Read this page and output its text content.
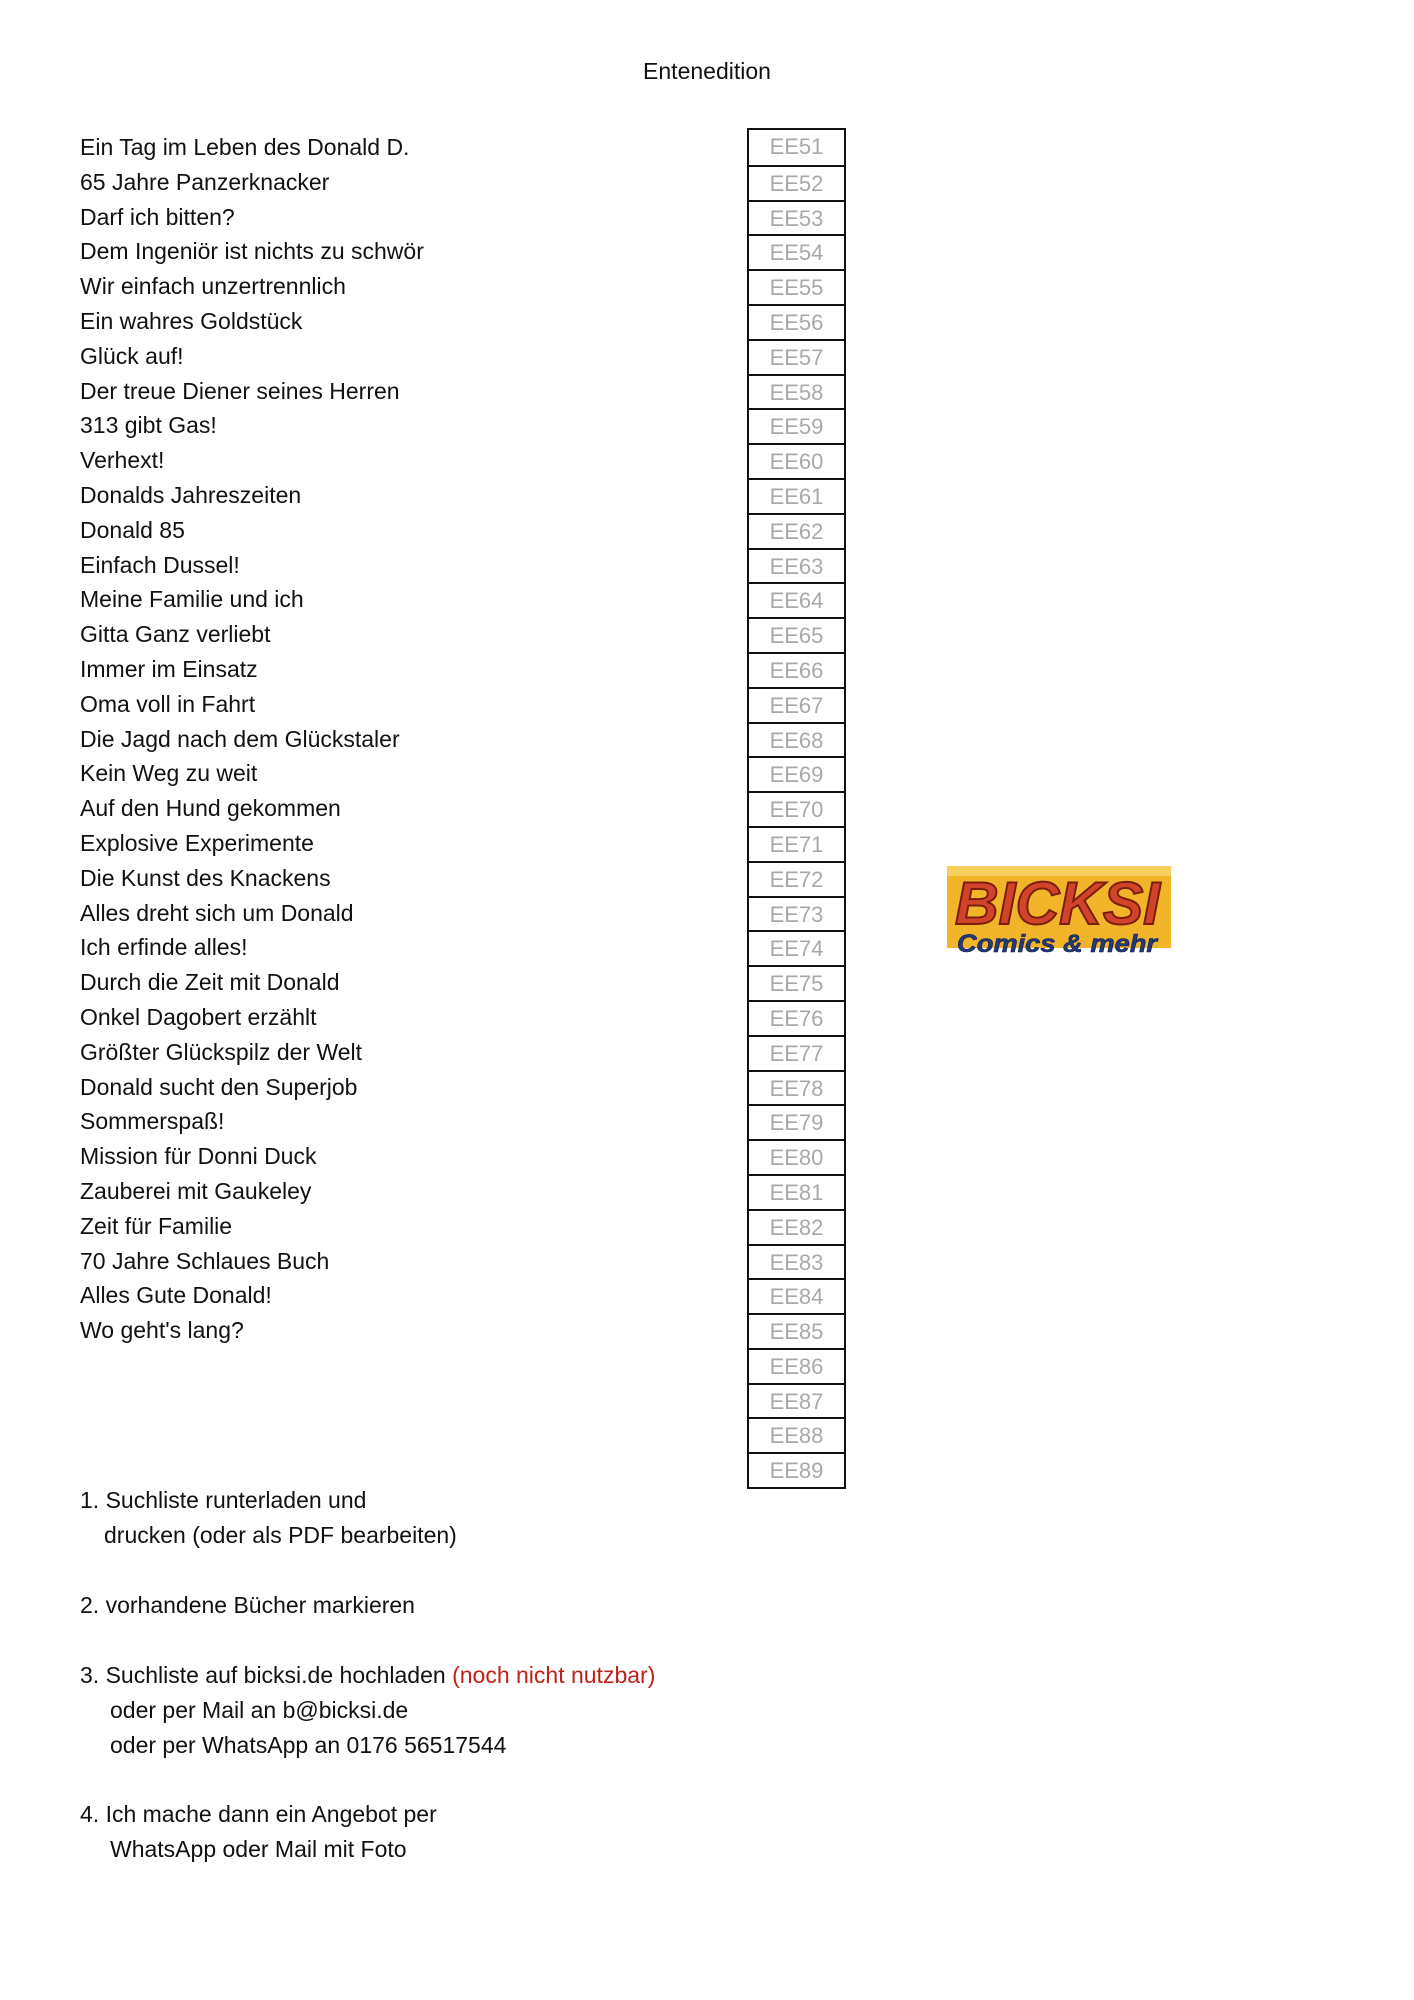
Entenedition
Ein Tag im Leben des Donald D.
65 Jahre Panzerknacker
Darf ich bitten?
Dem Ingeniör ist nichts zu schwör
Wir einfach unzertrennlich
Ein wahres Goldstück
Glück auf!
Der treue Diener seines Herren
313 gibt Gas!
Verhext!
Donalds Jahreszeiten
Donald 85
Einfach Dussel!
Meine Familie und ich
Gitta Ganz verliebt
Immer im Einsatz
Oma voll in Fahrt
Die Jagd nach dem Glückstaler
Kein Weg zu weit
Auf den Hund gekommen
Explosive Experimente
Die Kunst des Knackens
Alles dreht sich um Donald
Ich erfinde alles!
Durch die Zeit mit Donald
Onkel Dagobert erzählt
Größter Glückspilz der Welt
Donald sucht den Superjob
Sommerspaß!
Mission für Donni Duck
Zauberei mit Gaukeley
Zeit für Familie
70 Jahre Schlaues Buch
Alles Gute Donald!
Wo geht's lang?
EE51
EE52
EE53
EE54
EE55
EE56
EE57
EE58
EE59
EE60
EE61
EE62
EE63
EE64
EE65
EE66
EE67
EE68
EE69
EE70
EE71
EE72
EE73
EE74
EE75
EE76
EE77
EE78
EE79
EE80
EE81
EE82
EE83
EE84
EE85
EE86
EE87
EE88
EE89
BICKSI
Comics & mehr
1. Suchliste runterladen und
drucken (oder als PDF bearbeiten)
2. vorhandene Bücher markieren
3. Suchliste auf bicksi.de hochladen (noch nicht nutzbar)
oder per Mail an b@bicksi.de
oder per WhatsApp an 0176 56517544
4. Ich mache dann ein Angebot per
WhatsApp oder Mail mit Foto
